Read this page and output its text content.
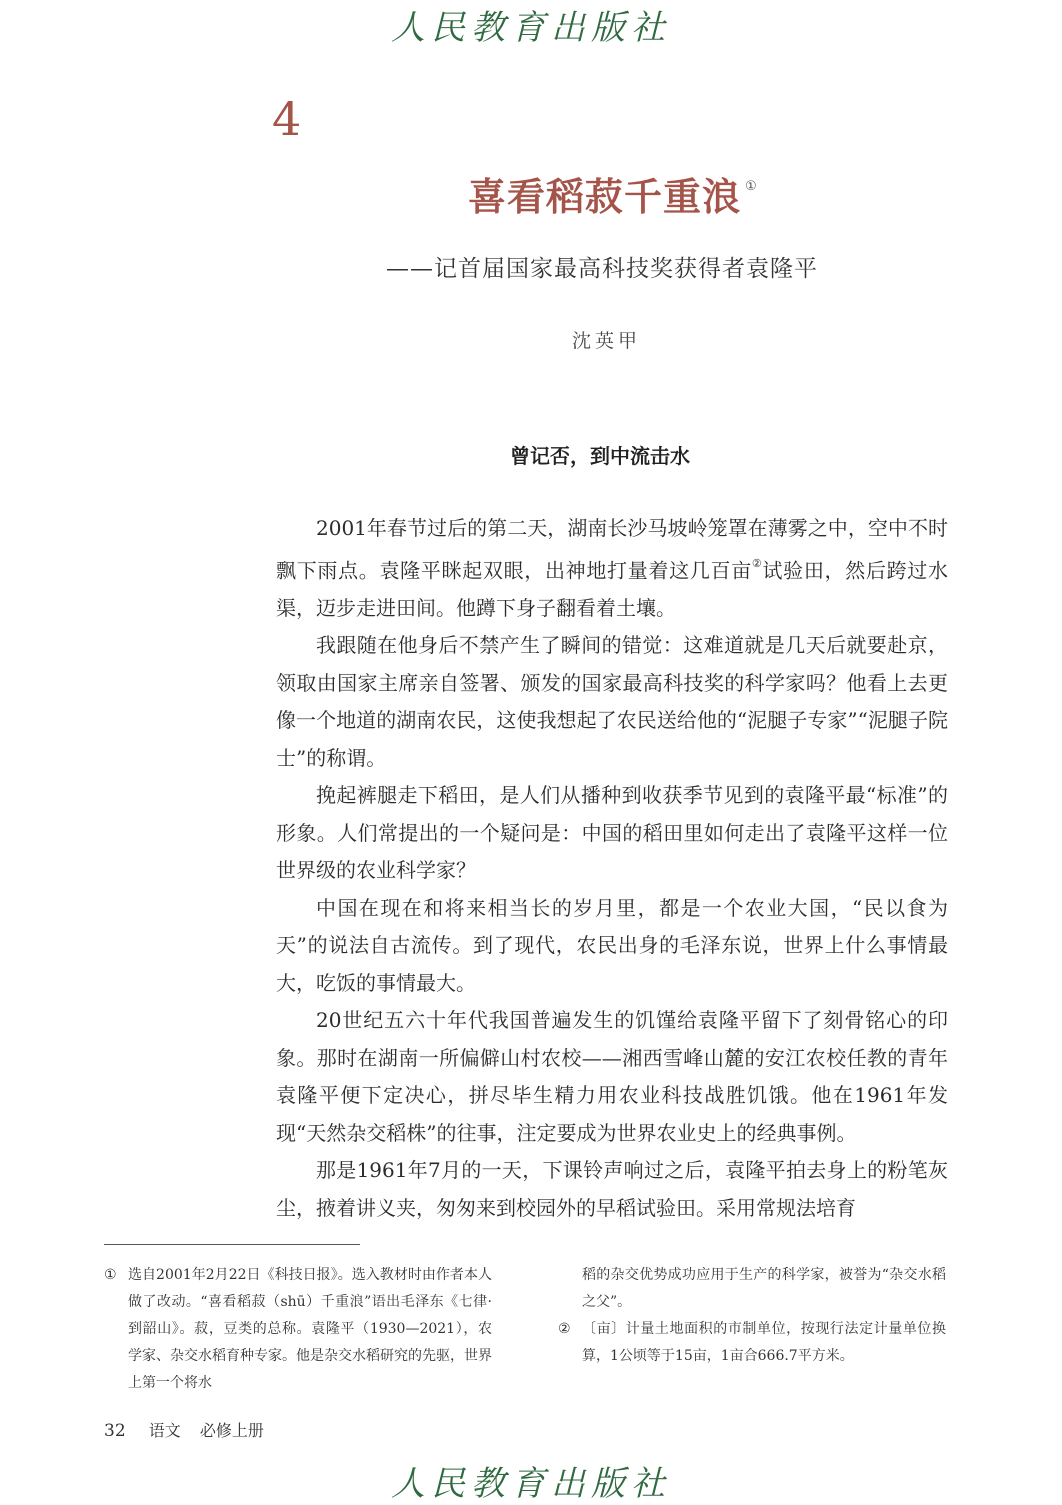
人民教育出版社
4
喜看稻菽千重浪 ①
——记首届国家最高科技奖获得者袁隆平
沈英甲
曾记否，到中流击水

2001年春节过后的第二天，湖南长沙马坡岭笼罩在薄雾之中，空中不时飘下雨点。袁隆平眯起双眼，出神地打量着这几百亩②试验田，然后跨过水渠，迈步走进田间。他蹲下身子翻看着土壤。

我跟随在他身后不禁产生了瞬间的错觉：这难道就是几天后就要赴京，领取由国家主席亲自签署、颁发的国家最高科技奖的科学家吗？他看上去更像一个地道的湖南农民，这使我想起了农民送给他的“泥腿子专家”“泥腿子院士”的称谓。

挽起裤腿走下稻田，是人们从播种到收获季节见到的袁隆平最“标准”的形象。人们常提出的一个疑问是：中国的稻田里如何走出了袁隆平这样一位世界级的农业科学家？

中国在现在和将来相当长的岁月里，都是一个农业大国，“民以食为天”的说法自古流传。到了现代，农民出身的毛泽东说，世界上什么事情最大，吃饭的事情最大。

20世纪五六十年代我国普遍发生的饥馑给袁隆平留下了刻骨铭心的印象。那时在湖南一所偏僻山村农校——湘西雪峰山麓的安江农校任教的青年袁隆平便下定决心，拼尽毕生精力用农业科技战胜饥饿。他在1961年发现“天然杂交稻株”的往事，注定要成为世界农业史上的经典事例。

那是1961年7月的一天，下课铃声响过之后，袁隆平拍去身上的粉笔灰尘，掖着讲义夹，匆匆来到校园外的早稻试验田。采用常规法培育

① 选自2001年2月22日《科技日报》。选入教材时由作者本人做了改动。“喜看稻菽（shū）千重浪”语出毛泽东《七律·到韶山》。菽，豆类的总称。袁隆平（1930—2021），农学家、杂交水稻育种专家。他是杂交水稻研究的先驱，世界上第一个将水
稻的杂交优势成功应用于生产的科学家，被誉为“杂交水稻之父”。
② 〔亩〕计量土地面积的市制单位，按现行法定计量单位换算，1公顷等于15亩，1亩合666.7平方米。
32 语文 必修上册
人民教育出版社
